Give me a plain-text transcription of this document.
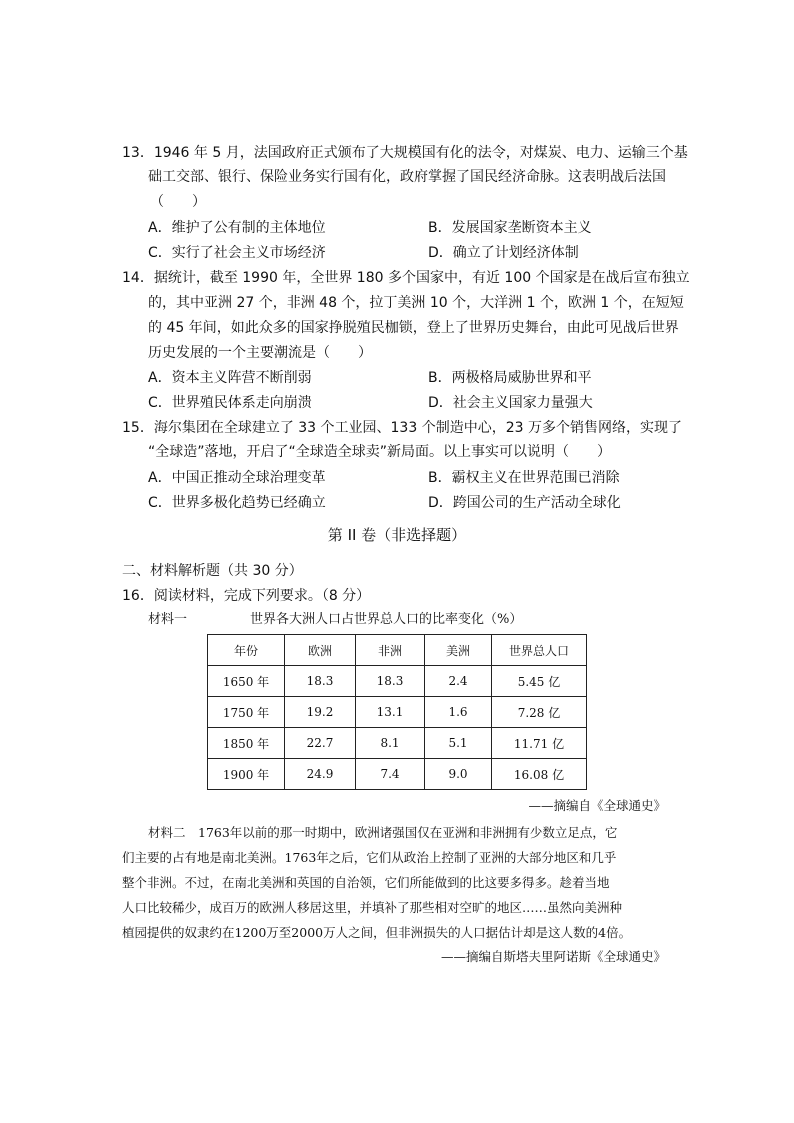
13．1946 年 5 月，法国政府正式颁布了大规模国有化的法令，对煤炭、电力、运输三个基
础工交部、银行、保险业务实行国有化，政府掌握了国民经济命脉。这表明战后法国
（　　）
A．维护了公有制的主体地位	B．发展国家垄断资本主义
C．实行了社会主义市场经济	D．确立了计划经济体制
14．据统计，截至 1990 年，全世界 180 多个国家中，有近 100 个国家是在战后宣布独立
的，其中亚洲 27 个，非洲 48 个，拉丁美洲 10 个，大洋洲 1 个，欧洲 1 个，在短短
的 45 年间，如此众多的国家挣脱殖民枷锁，登上了世界历史舞台，由此可见战后世界
历史发展的一个主要潮流是（　　）
A．资本主义阵营不断削弱	B．两极格局威胁世界和平
C．世界殖民体系走向崩溃	D．社会主义国家力量强大
15．海尔集团在全球建立了 33 个工业园、133 个制造中心，23 万多个销售网络，实现了
“全球造”落地，开启了“全球造全球卖”新局面。以上事实可以说明（　　）
A．中国正推动全球治理变革	B．霸权主义在世界范围已消除
C．世界多极化趋势已经确立	D．跨国公司的生产活动全球化
第 II 卷（非选择题）
二、材料解析题（共 30 分）
16．阅读材料，完成下列要求。（8 分）
材料一	世界各大洲人口占世界总人口的比率变化（%）
年份	欧洲	非洲	美洲	世界总人口
1650 年	18.3	18.3	2.4	5.45 亿
1750 年	19.2	13.1	1.6	7.28 亿
1850 年	22.7	8.1	5.1	11.71 亿
1900 年	24.9	7.4	9.0	16.08 亿
——摘编自《全球通史》
材料二　1763年以前的那一时期中，欧洲诸强国仅在亚洲和非洲拥有少数立足点，它
们主要的占有地是南北美洲。1763年之后，它们从政治上控制了亚洲的大部分地区和几乎
整个非洲。不过，在南北美洲和英国的自治领，它们所能做到的比这要多得多。趁着当地
人口比较稀少，成百万的欧洲人移居这里，并填补了那些相对空旷的地区……虽然向美洲种
植园提供的奴隶约在1200万至2000万人之间，但非洲损失的人口据估计却是这人数的4倍。
——摘编自斯塔夫里阿诺斯《全球通史》
